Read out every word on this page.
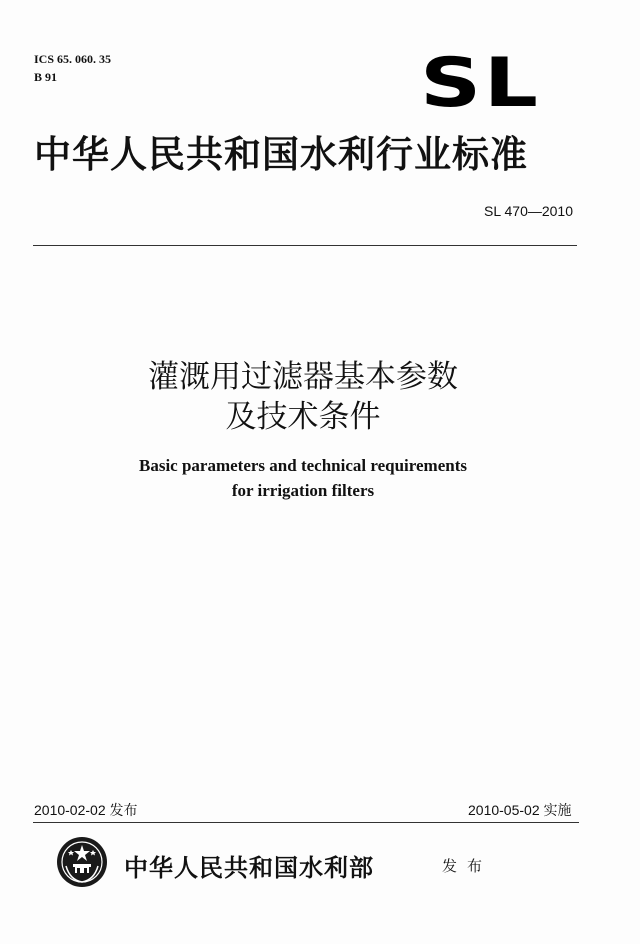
ICS 65. 060. 35
B 91	SL
中华人民共和国水利行业标准
SL 470—2010
灌溉用过滤器基本参数
及技术条件
Basic parameters and technical requirements
for irrigation filters
2010-02-02 发布	2010-05-02 实施
中华人民共和国水利部	发布
